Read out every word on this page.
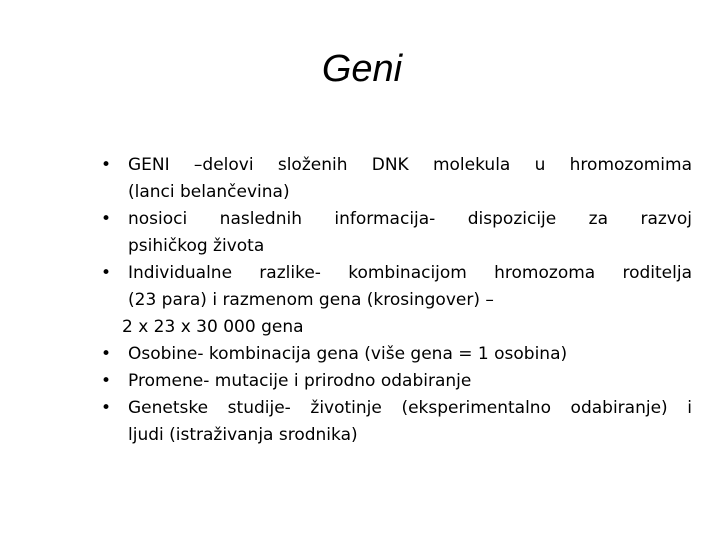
Geni
• GENI –delovi složenih DNK molekula u hromozomima
(lanci belančevina)
• nosioci naslednih informacija- dispozicije za razvoj
psihičkog života
• Individualne razlike- kombinacijom hromozoma roditelja
(23 para) i razmenom gena (krosingover) –
2 x 23 x 30 000 gena
• Osobine- kombinacija gena (više gena = 1 osobina)
• Promene- mutacije i prirodno odabiranje
• Genetske studije- životinje (eksperimentalno odabiranje) i
ljudi (istraživanja srodnika)
